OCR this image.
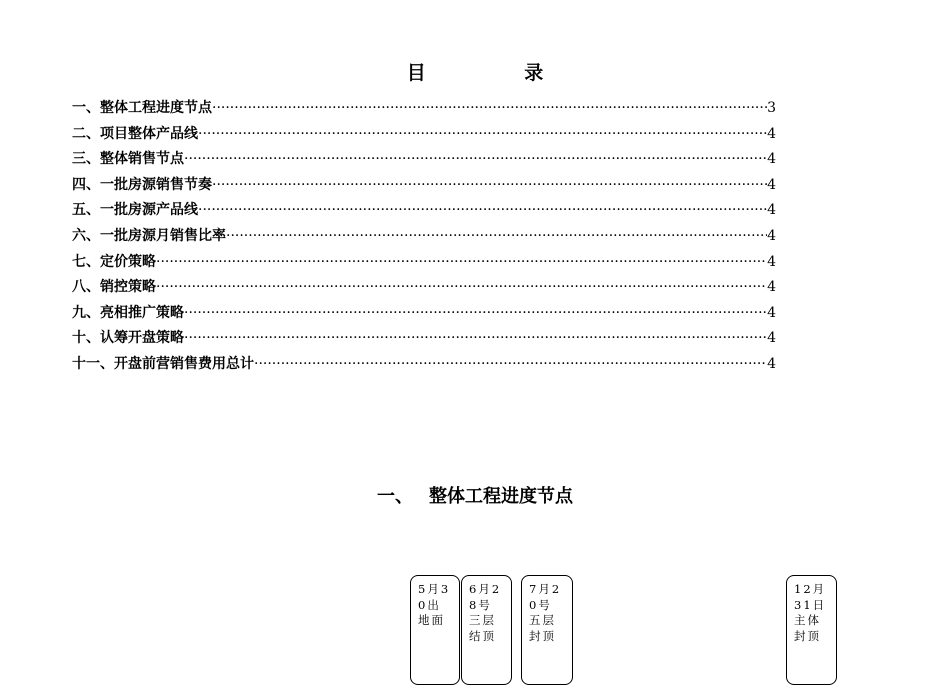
目 录
一、整体工程进度节点 ·····	3
二、项目整体产品线 ·····	4
三、整体销售节点 ·····	4
四、一批房源销售节奏 ·····	4
五、一批房源产品线 ·····	4
六、一批房源月销售比率 ·····	4
七、定价策略 ·····	4
八、销控策略 ·····	4
九、亮相推广策略 ·····	4
十、认筹开盘策略 ·····	4
十一、开盘前营销售费用总计 ·····	4
一、 整体工程进度节点
5月30出地面
6月28号三层结顶
7月20号五层封顶
12月31日主体封顶
